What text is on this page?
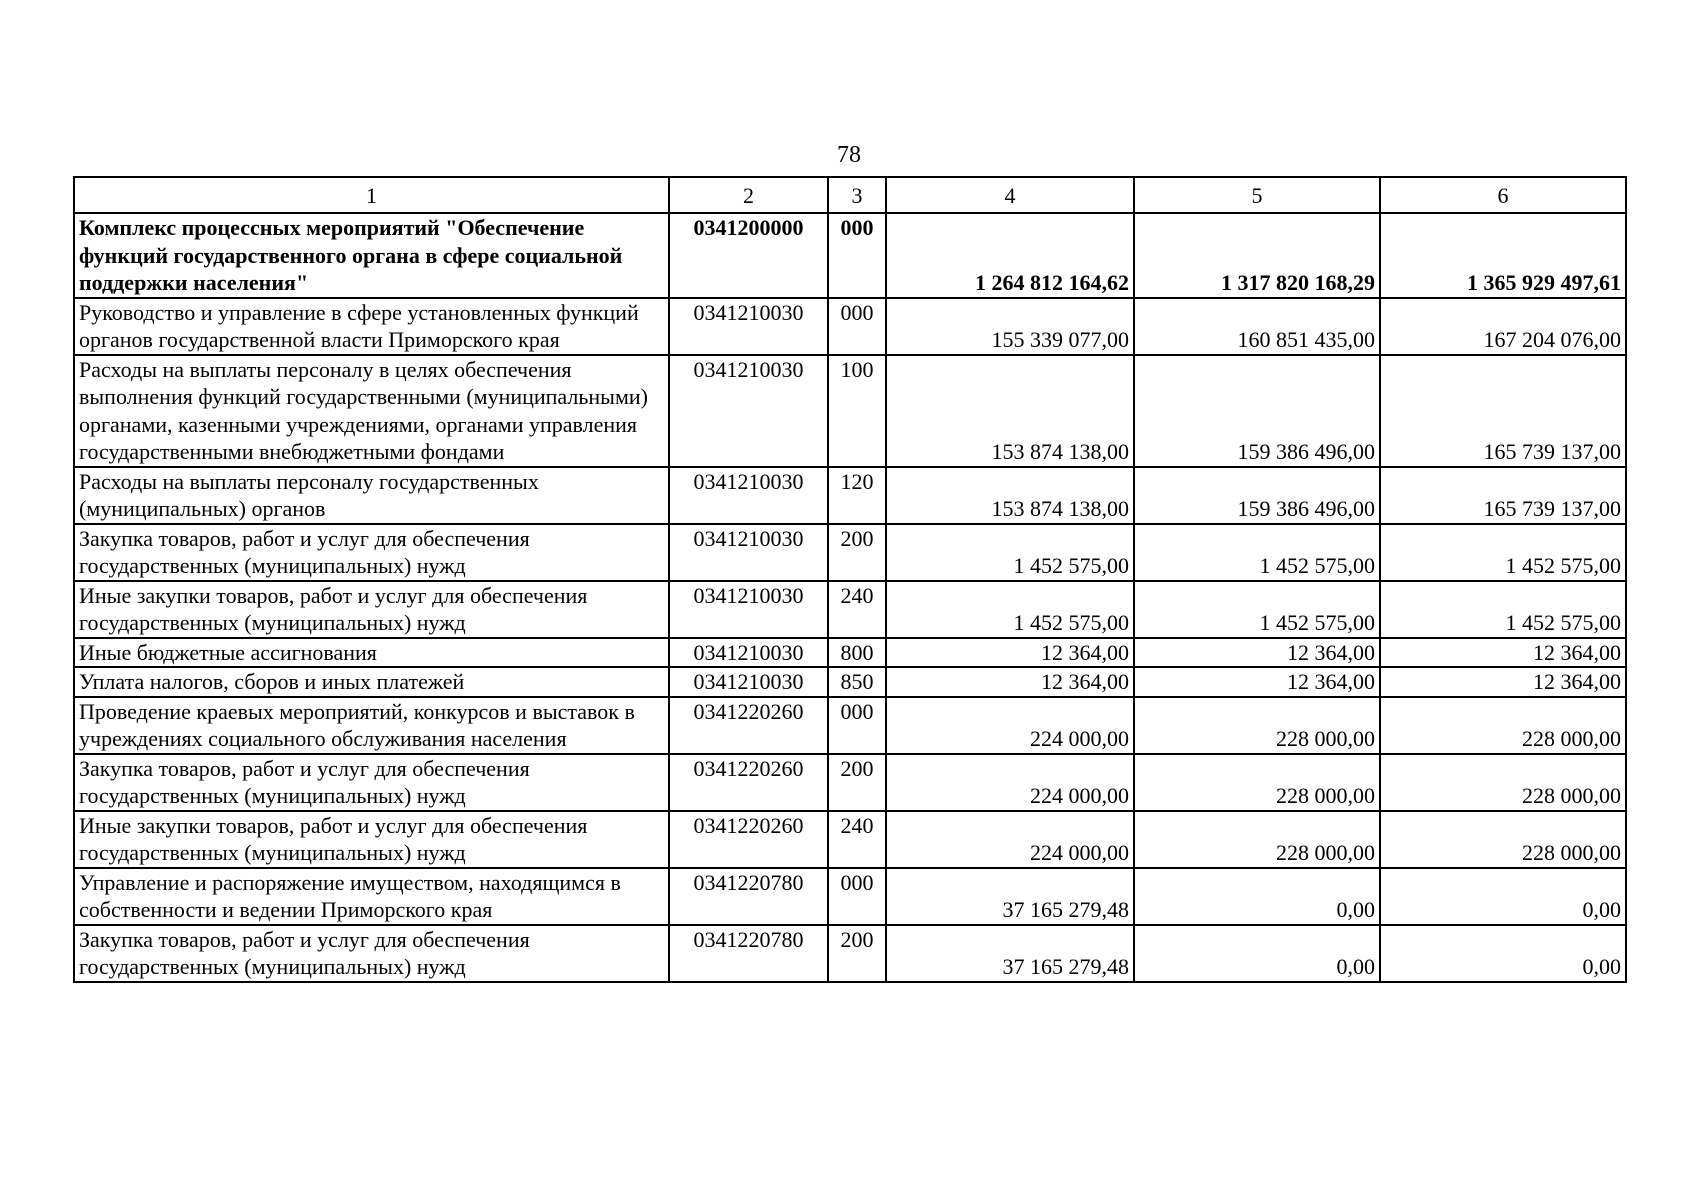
78
1	2	3	4	5	6
Комплекс процессных мероприятий "Обеспечение функций государственного органа в сфере социальной поддержки населения"	0341200000	000	1 264 812 164,62	1 317 820 168,29	1 365 929 497,61
Руководство и управление в сфере установленных функций органов государственной власти Приморского края	0341210030	000	155 339 077,00	160 851 435,00	167 204 076,00
Расходы на выплаты персоналу в целях обеспечения выполнения функций государственными (муниципальными) органами, казенными учреждениями, органами управления государственными внебюджетными фондами	0341210030	100	153 874 138,00	159 386 496,00	165 739 137,00
Расходы на выплаты персоналу государственных (муниципальных) органов	0341210030	120	153 874 138,00	159 386 496,00	165 739 137,00
Закупка товаров, работ и услуг для обеспечения государственных (муниципальных) нужд	0341210030	200	1 452 575,00	1 452 575,00	1 452 575,00
Иные закупки товаров, работ и услуг для обеспечения государственных (муниципальных) нужд	0341210030	240	1 452 575,00	1 452 575,00	1 452 575,00
Иные бюджетные ассигнования	0341210030	800	12 364,00	12 364,00	12 364,00
Уплата налогов, сборов и иных платежей	0341210030	850	12 364,00	12 364,00	12 364,00
Проведение краевых мероприятий, конкурсов и выставок в учреждениях социального обслуживания населения	0341220260	000	224 000,00	228 000,00	228 000,00
Закупка товаров, работ и услуг для обеспечения государственных (муниципальных) нужд	0341220260	200	224 000,00	228 000,00	228 000,00
Иные закупки товаров, работ и услуг для обеспечения государственных (муниципальных) нужд	0341220260	240	224 000,00	228 000,00	228 000,00
Управление и распоряжение имуществом, находящимся в собственности и ведении Приморского края	0341220780	000	37 165 279,48	0,00	0,00
Закупка товаров, работ и услуг для обеспечения государственных (муниципальных) нужд	0341220780	200	37 165 279,48	0,00	0,00
